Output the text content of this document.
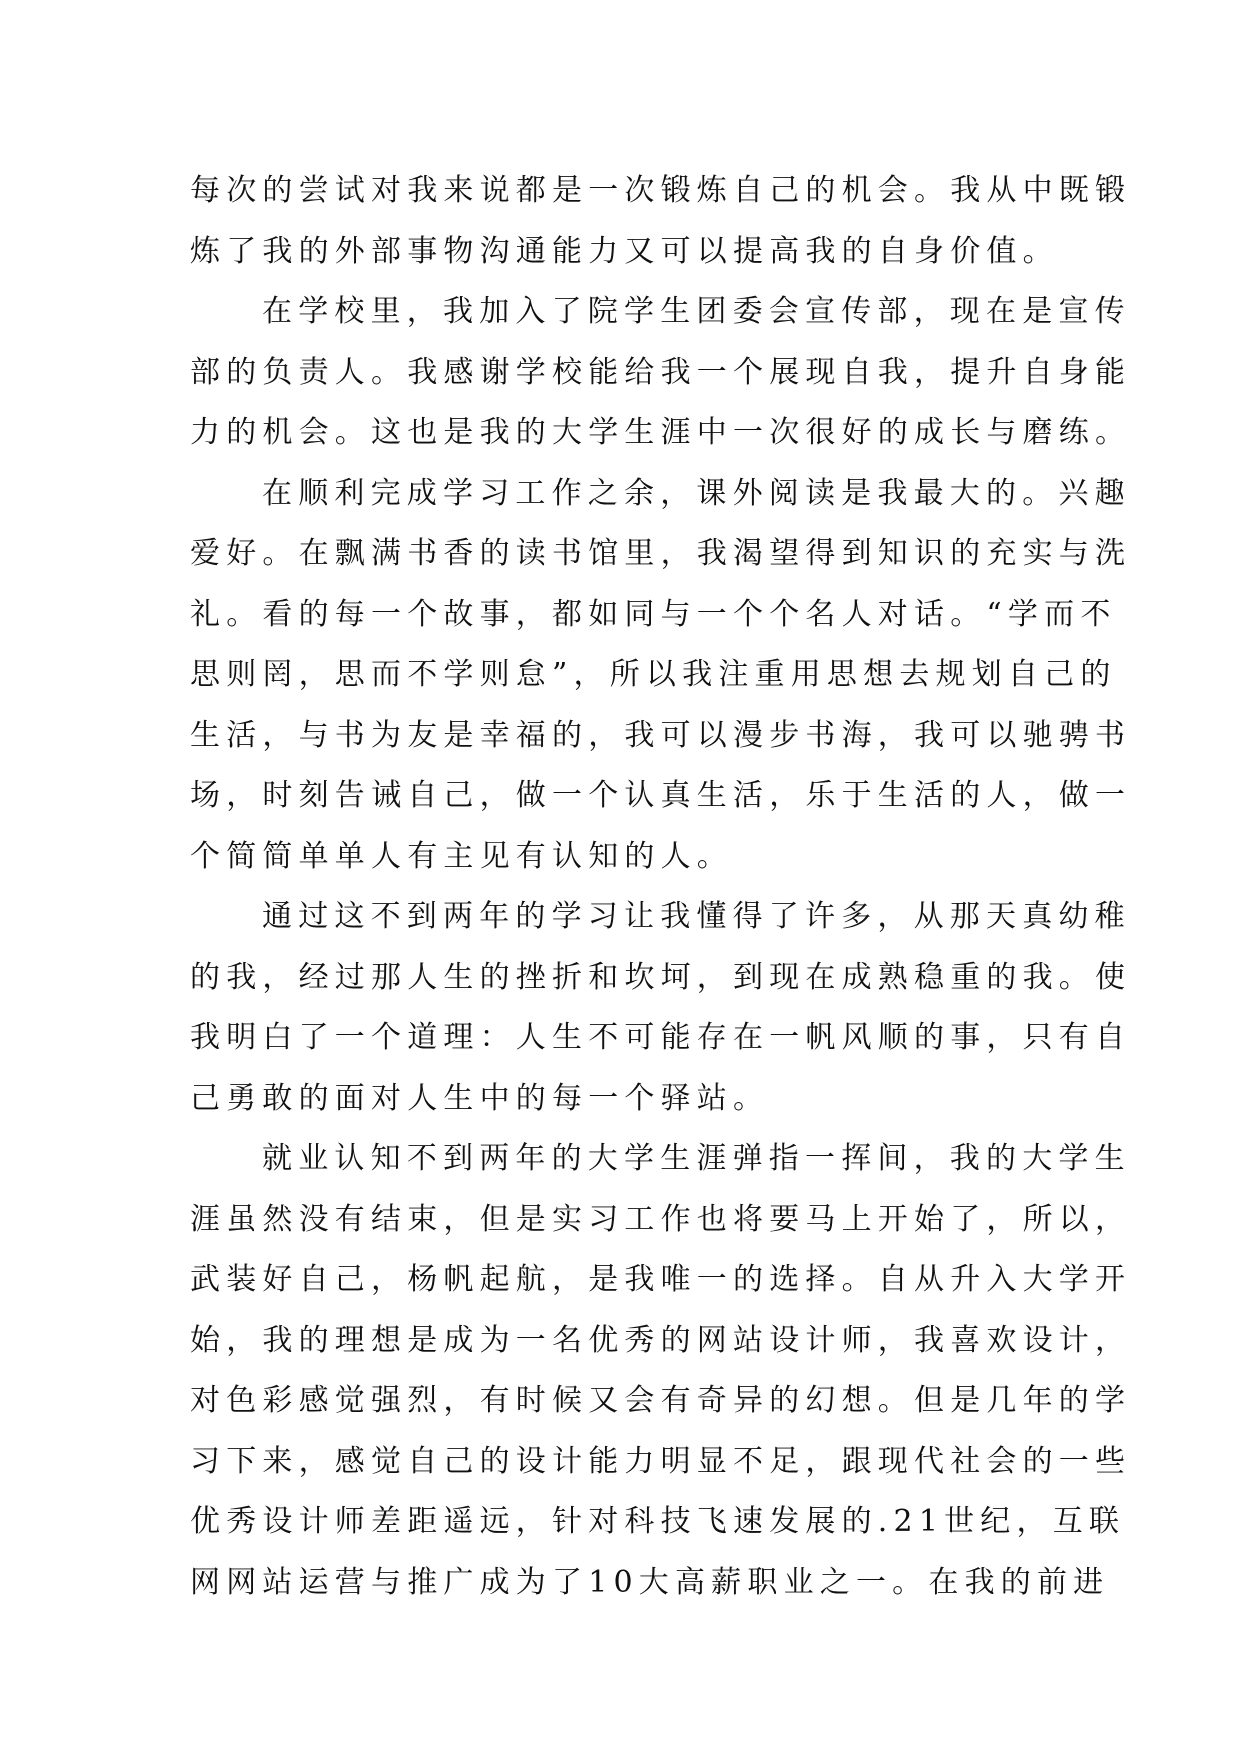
每次的尝试对我来说都是一次锻炼自己的机会。我从中既锻
炼了我的外部事物沟通能力又可以提高我的自身价值。
在学校里，我加入了院学生团委会宣传部，现在是宣传
部的负责人。我感谢学校能给我一个展现自我，提升自身能
力的机会。这也是我的大学生涯中一次很好的成长与磨练。
在顺利完成学习工作之余，课外阅读是我最大的。兴趣
爱好。在飘满书香的读书馆里，我渴望得到知识的充实与洗
礼。看的每一个故事，都如同与一个个名人对话。“学而不
思则罔，思而不学则怠”，所以我注重用思想去规划自己的
生活，与书为友是幸福的，我可以漫步书海，我可以驰骋书
场，时刻告诫自己，做一个认真生活，乐于生活的人，做一
个简简单单人有主见有认知的人。
通过这不到两年的学习让我懂得了许多，从那天真幼稚
的我，经过那人生的挫折和坎坷，到现在成熟稳重的我。使
我明白了一个道理：人生不可能存在一帆风顺的事，只有自
己勇敢的面对人生中的每一个驿站。
就业认知不到两年的大学生涯弹指一挥间，我的大学生
涯虽然没有结束，但是实习工作也将要马上开始了，所以，
武装好自己，杨帆起航，是我唯一的选择。自从升入大学开
始，我的理想是成为一名优秀的网站设计师，我喜欢设计，
对色彩感觉强烈，有时候又会有奇异的幻想。但是几年的学
习下来，感觉自己的设计能力明显不足，跟现代社会的一些
优秀设计师差距遥远，针对科技飞速发展的.21世纪，互联
网网站运营与推广成为了10大高薪职业之一。在我的前进
